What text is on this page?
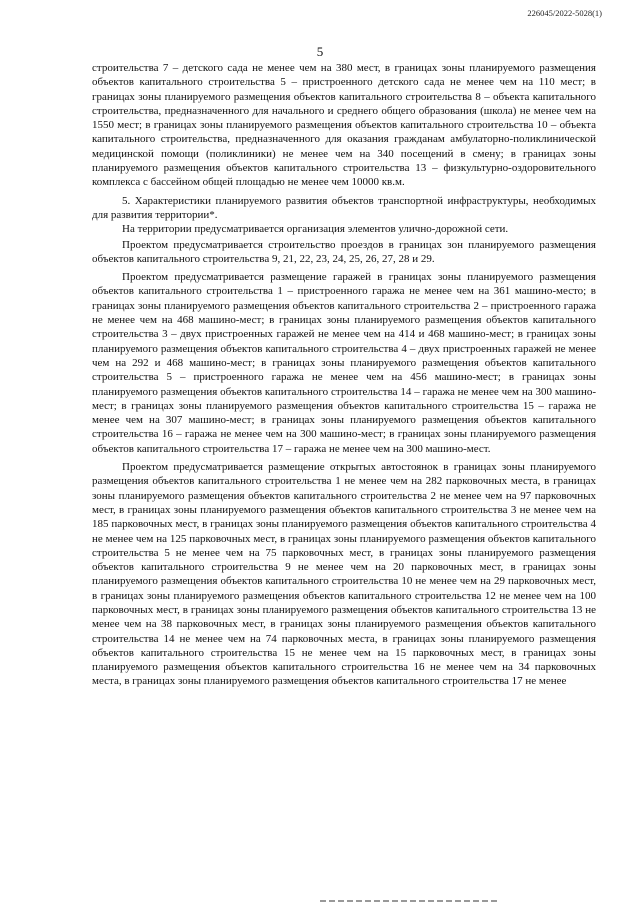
226045/2022-5028(1)
5

строительства 7 – детского сада не менее чем на 380 мест, в границах зоны планируемого размещения объектов капитального строительства 5 – пристроенного детского сада не менее чем на 110 мест; в границах зоны планируемого размещения объектов капитального строительства 8 – объекта капитального строительства, предназначенного для начального и среднего общего образования (школа) не менее чем на 1550 мест; в границах зоны планируемого размещения объектов капитального строительства 10 – объекта капитального строительства, предназначенного для оказания гражданам амбулаторно-поликлинической медицинской помощи (поликлиники) не менее чем на 340 посещений в смену; в границах зоны планируемого размещения объектов капитального строительства 13 – физкультурно-оздоровительного комплекса с бассейном общей площадью не менее чем 10000 кв.м.

5. Характеристики планируемого развития объектов транспортной инфраструктуры, необходимых для развития территории*.

На территории предусматривается организация элементов улично-дорожной сети.

Проектом предусматривается строительство проездов в границах зон планируемого размещения объектов капитального строительства 9, 21, 22, 23, 24, 25, 26, 27, 28 и 29.

Проектом предусматривается размещение гаражей в границах зоны планируемого размещения объектов капитального строительства 1 – пристроенного гаража не менее чем на 361 машино-место; в границах зоны планируемого размещения объектов капитального строительства 2 – пристроенного гаража не менее чем на 468 машино-мест; в границах зоны планируемого размещения объектов капитального строительства 3 – двух пристроенных гаражей не менее чем на 414 и 468 машино-мест; в границах зоны планируемого размещения объектов капитального строительства 4 – двух пристроенных гаражей не менее чем на 292 и 468 машино-мест; в границах зоны планируемого размещения объектов капитального строительства 5 – пристроенного гаража не менее чем на 456 машино-мест; в границах зоны планируемого размещения объектов капитального строительства 14 – гаража не менее чем на 300 машино-мест; в границах зоны планируемого размещения объектов капитального строительства 15 – гаража не менее чем на 307 машино-мест; в границах зоны планируемого размещения объектов капитального строительства 16 – гаража не менее чем на 300 машино-мест; в границах зоны планируемого размещения объектов капитального строительства 17 – гаража не менее чем на 300 машино-мест.

Проектом предусматривается размещение открытых автостоянок в границах зоны планируемого размещения объектов капитального строительства 1 не менее чем на 282 парковочных места, в границах зоны планируемого размещения объектов капитального строительства 2 не менее чем на 97 парковочных мест, в границах зоны планируемого размещения объектов капитального строительства 3 не менее чем на 185 парковочных мест, в границах зоны планируемого размещения объектов капитального строительства 4 не менее чем на 125 парковочных мест, в границах зоны планируемого размещения объектов капитального строительства 5 не менее чем на 75 парковочных мест, в границах зоны планируемого размещения объектов капитального строительства 9 не менее чем на 20 парковочных мест, в границах зоны планируемого размещения объектов капитального строительства 10 не менее чем на 29 парковочных мест, в границах зоны планируемого размещения объектов капитального строительства 12 не менее чем на 100 парковочных мест, в границах зоны планируемого размещения объектов капитального строительства 13 не менее чем на 38 парковочных мест, в границах зоны планируемого размещения объектов капитального строительства 14 не менее чем на 74 парковочных места, в границах зоны планируемого размещения объектов капитального строительства 15 не менее чем на 15 парковочных мест, в границах зоны планируемого размещения объектов капитального строительства 16 не менее чем на 34 парковочных места, в границах зоны планируемого размещения объектов капитального строительства 17 не менее
